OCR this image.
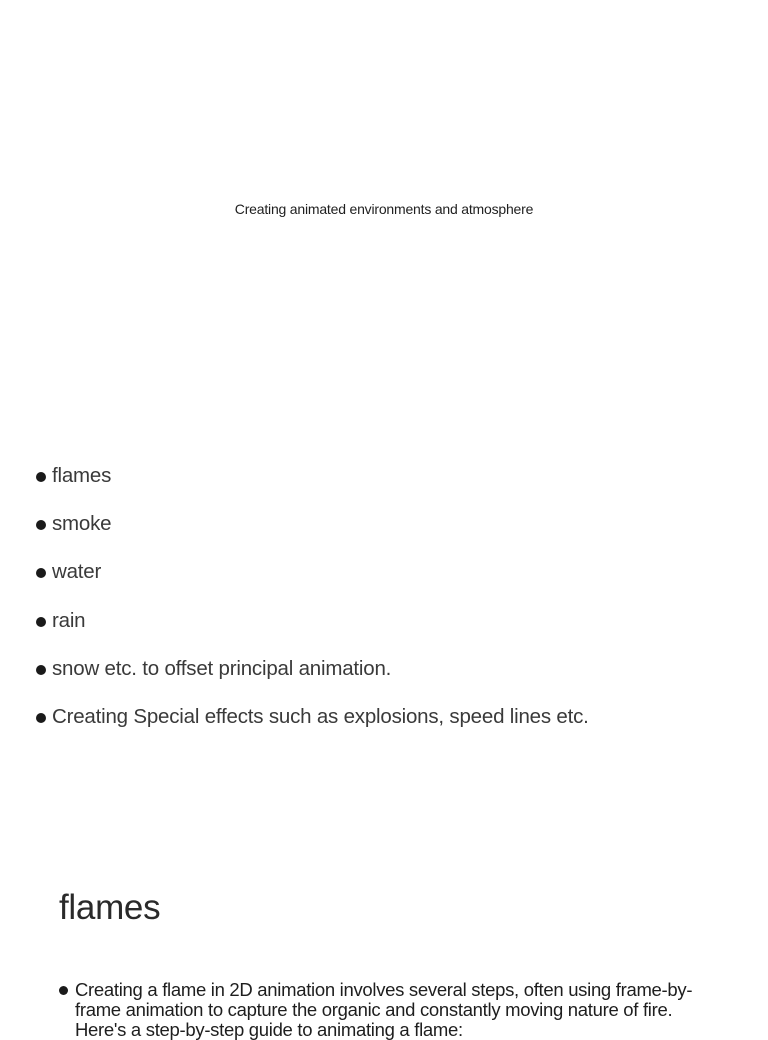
Creating animated environments and atmosphere
flames
smoke
water
rain
snow etc. to offset principal animation.
Creating Special effects such as explosions, speed lines etc.
flames
Creating a flame in 2D animation involves several steps, often using frame-by-frame animation to capture the organic and constantly moving nature of fire. Here's a step-by-step guide to animating a flame:
